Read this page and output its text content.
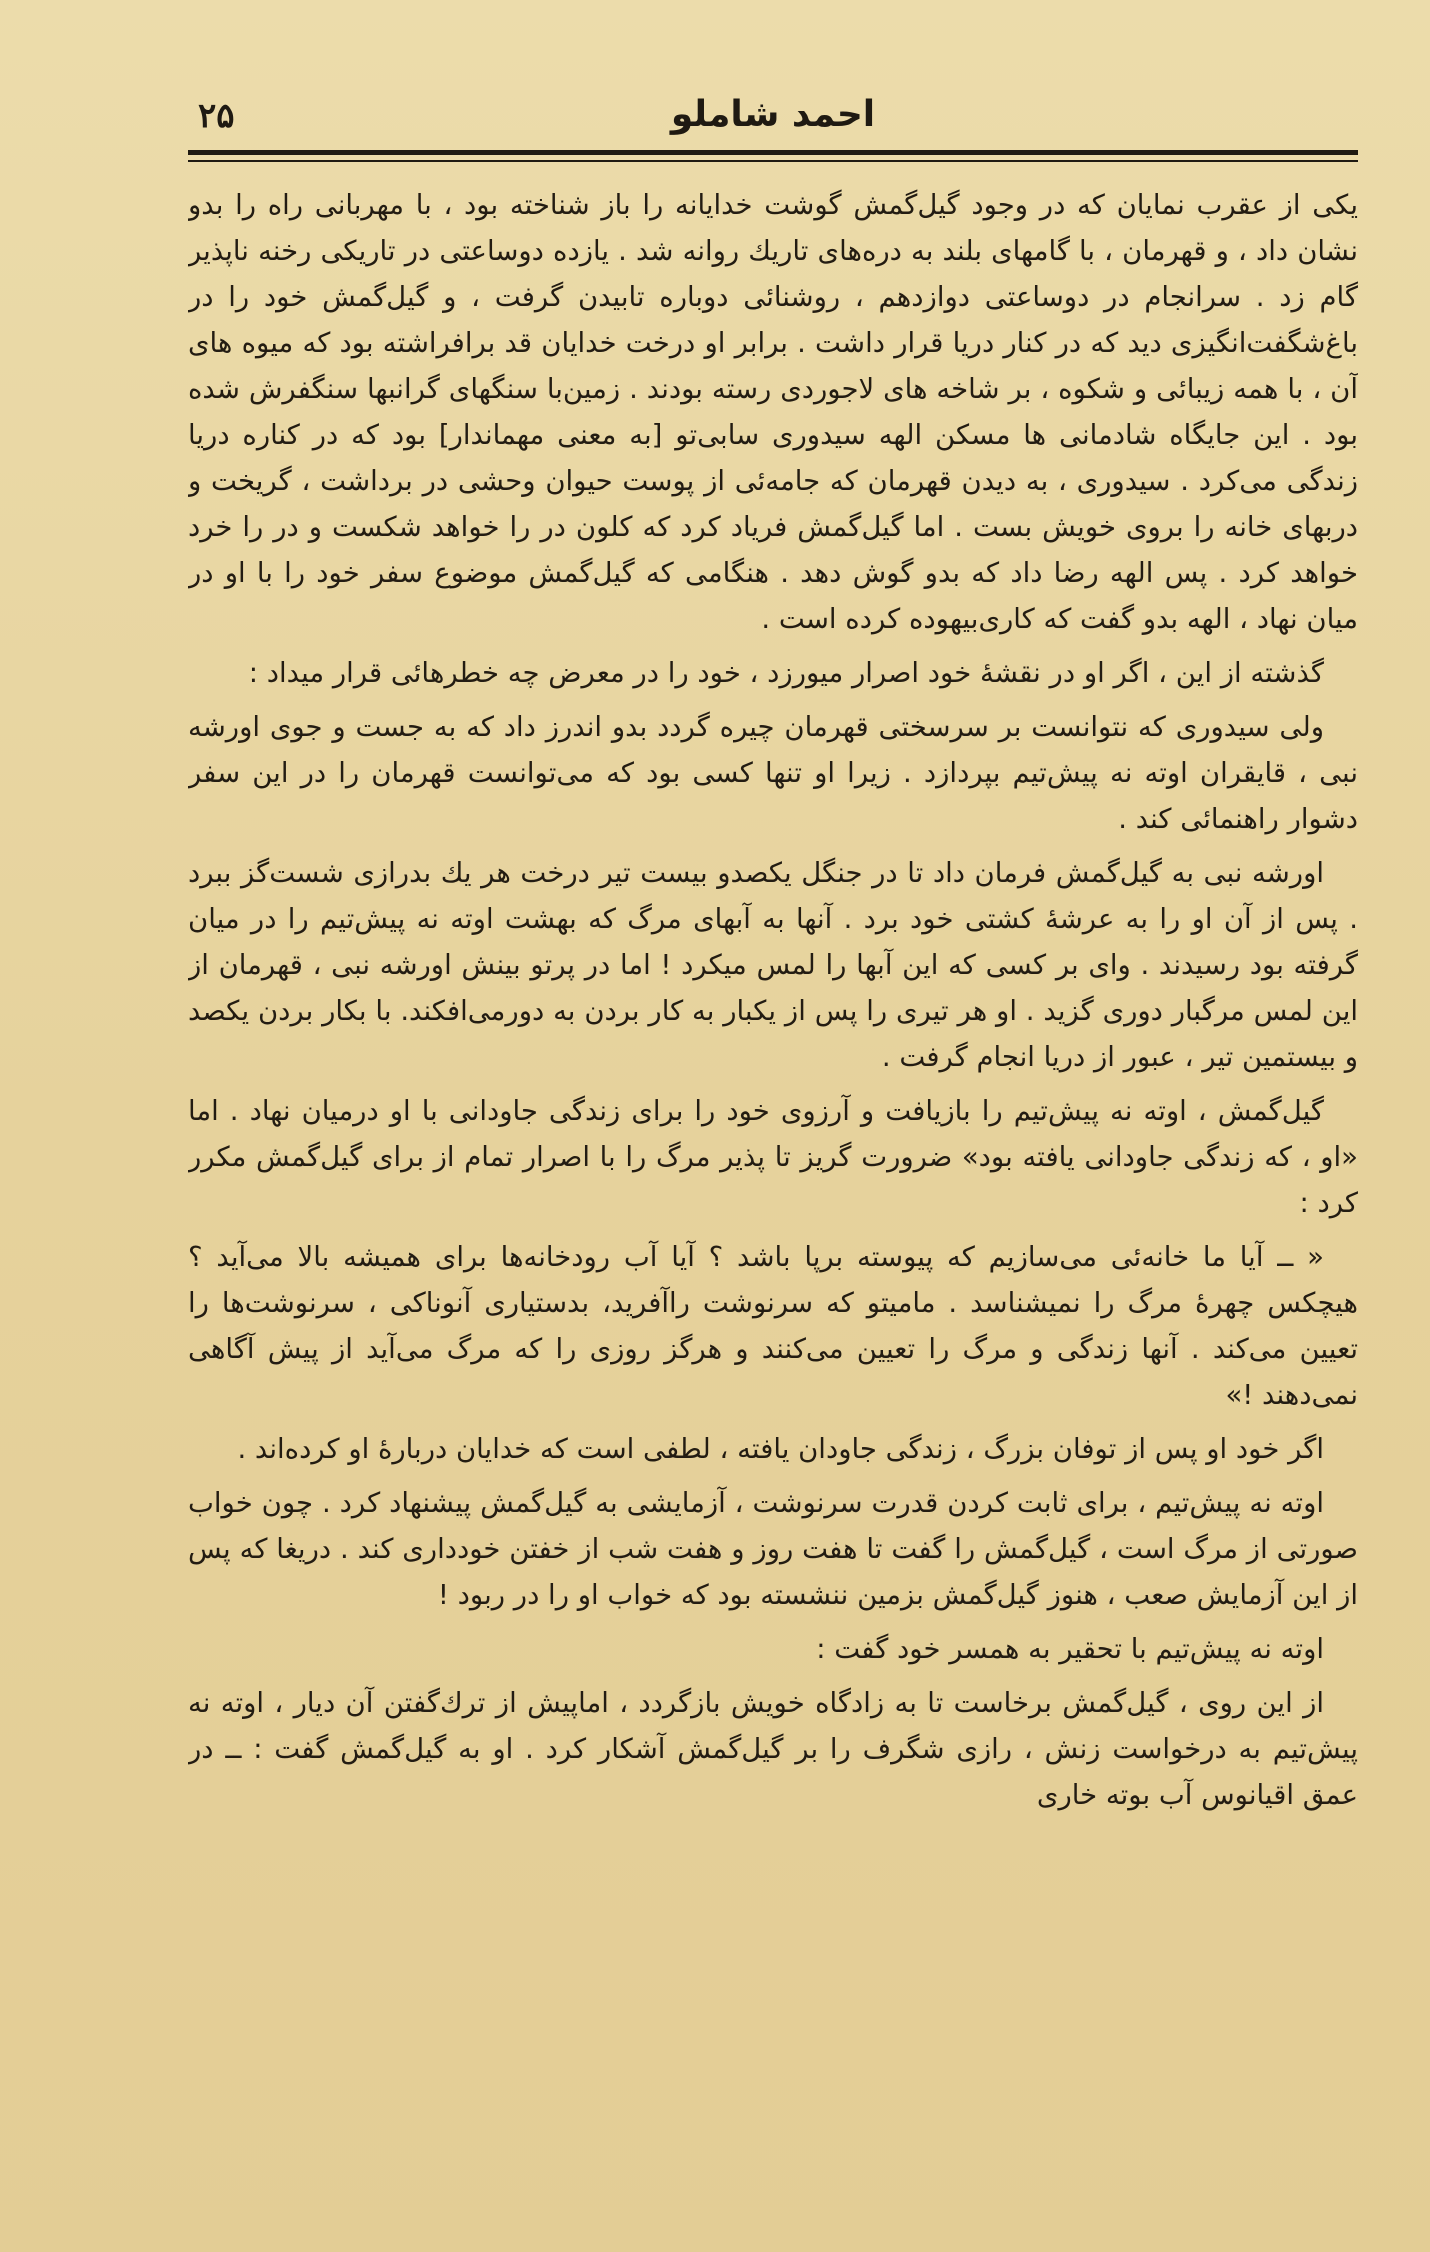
۲۵	احمد شاملو

یکی از عقرب نمایان که در وجود گیل‌گمش گوشت خدایانه را باز شناخته بود ، با مهربانی راه را بدو نشان داد ، و قهرمان ، با گامهای بلند به دره‌های تاریك روانه شد . یازده دوساعتی در تاریکی رخنه ناپذیر گام زد . سرانجام در دوساعتی دوازدهم ، روشنائی دوباره تابیدن گرفت ، و گیل‌گمش خود را در باغ‌شگفت‌انگیزی دید که در کنار دریا قرار داشت . برابر او درخت خدایان قد برافراشته بود که میوه های آن ، با همه زیبائی و شکوه ، بر شاخه های لاجوردی رسته بودند . زمین‌با سنگهای گرانبها سنگفرش شده بود . این جایگاه شادمانی ها مسکن الهه سیدوری سابی‌تو [به معنی مهماندار] بود که در کناره دریا زندگی می‌کرد . سیدوری ، به دیدن قهرمان که جامه‌ئی از پوست حیوان وحشی در برداشت ، گریخت و دربهای خانه را بروی خویش بست . اما گیل‌گمش فریاد کرد که کلون در را خواهد شکست و در را خرد خواهد کرد . پس الهه رضا داد که بدو گوش دهد . هنگامی که گیل‌گمش موضوع سفر خود را با او در میان نهاد ، الهه بدو گفت که کاری‌بیهوده کرده است .

گذشته از این ، اگر او در نقشهٔ خود اصرار میورزد ، خود را در معرض چه خطرهائی قرار میداد :

ولی سیدوری که نتوانست بر سرسختی قهرمان چیره گردد بدو اندرز داد که به جست و جوی اورشه نبی ، قایقران اوته نه پیش‌تیم بپردازد . زیرا او تنها کسی بود که می‌توانست قهرمان را در این سفر دشوار راهنمائی کند .

اورشه نبی به گیل‌گمش فرمان داد تا در جنگل یکصدو بیست تیر درخت هر يك بدرازی شست‌گز ببرد . پس از آن او را به عرشهٔ کشتی خود برد . آنها به آبهای مرگ که بهشت اوته نه پیش‌تیم را در میان گرفته بود رسیدند . وای بر کسی که این آبها را لمس میکرد ! اما در پرتو بینش اورشه نبی ، قهرمان از این لمس مرگبار دوری گزید . او هر تیری را پس از یکبار به کار بردن به دورمی‌افکند. با بکار بردن یکصد و بیستمین تیر ، عبور از دریا انجام گرفت .

گیل‌گمش ، اوته نه پیش‌تیم را بازیافت و آرزوی خود را برای زندگی جاودانی با او درمیان نهاد . اما «او ، که زندگی جاودانی یافته بود» ضرورت گریز تا پذیر مرگ را با اصرار تمام از برای گیل‌گمش مکرر کرد :

« ــ آیا ما خانه‌ئی می‌سازیم که پیوسته برپا باشد ؟ آیا آب رودخانه‌ها برای همیشه بالا می‌آید ؟ هیچکس چهرهٔ مرگ را نمیشناسد . ماميتو که سرنوشت راآفرید، بدستیاری آنوناکی ، سرنوشت‌ها را تعیین می‌کند . آنها زندگی و مرگ را تعیین می‌کنند و هرگز روزی را که مرگ می‌آید از پیش آگاهی نمی‌دهند !»

اگر خود او پس از توفان بزرگ ، زندگی جاودان یافته ، لطفی است که خدایان دربارهٔ او کرده‌اند .

اوته نه پیش‌تیم ، برای ثابت کردن قدرت سرنوشت ، آزمایشی به گیل‌گمش پیشنهاد کرد . چون خواب صورتی از مرگ است ، گیل‌گمش را گفت تا هفت روز و هفت شب از خفتن خودداری کند . دریغا که پس از این آزمایش صعب ، هنوز گیل‌گمش بزمین ننشسته بود که خواب او را در ربود !

اوته نه پیش‌تیم با تحقیر به همسر خود گفت :

از این روی ، گیل‌گمش برخاست تا به زادگاه خویش بازگردد ، اماپیش از ترك‌گفتن آن دیار ، اوته نه پیش‌تیم به درخواست زنش ، رازی شگرف را بر گیل‌گمش آشکار کرد . او به گیل‌گمش گفت : ــ در عمق اقیانوس آب بوته خاری
